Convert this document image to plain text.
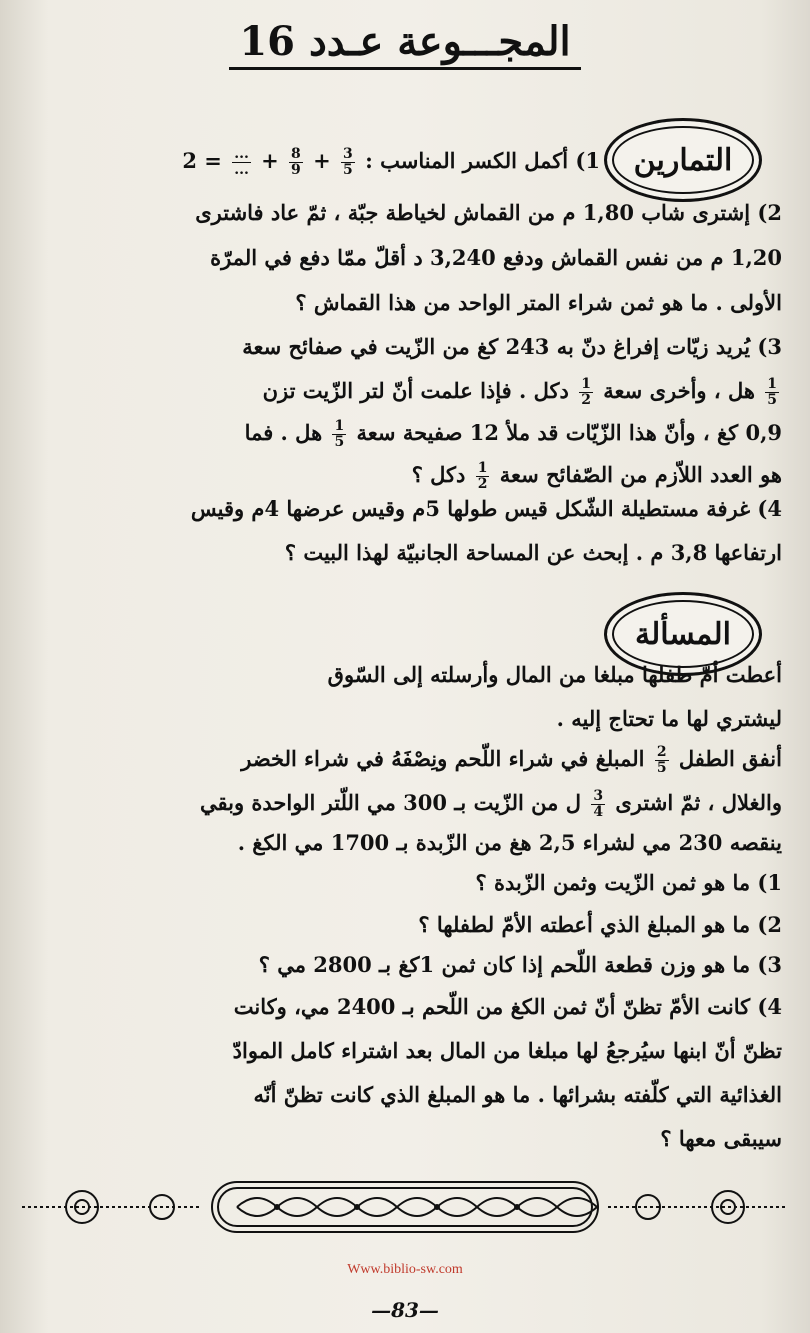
المجـــوعة عـدد 16
التمارين
1) أكمل الكسر المناسب :
$\frac{3}{5}$
+
$\frac{8}{9}$
+
$\frac{...}{...}$
= 2
2) إشترى شاب 1,80 م من القماش لخياطة جبّة ، ثمّ عاد فاشترى
1,20 م من نفس القماش ودفع 3,240 د أقلّ ممّا دفع في المرّة
الأولى . ما هو ثمن شراء المتر الواحد من هذا القماش ؟
3) يُريد زيّات إفراغ دنّ به 243 كغ من الزّيت في صفائح سعة
$\frac{1}{5}$
هل ، وأخرى سعة
$\frac{1}{2}$
دكل . فإذا علمت أنّ لتر الزّيت تزن
0,9 كغ ، وأنّ هذا الزّيّات قد ملأ 12 صفيحة سعة
$\frac{1}{5}$
هل . فما
هو العدد اللاّزم من الصّفائح سعة
$\frac{1}{2}$
دكل ؟
4) غرفة مستطيلة الشّكل قيس طولها 5م وقيس عرضها 4م وقيس
ارتفاعها 3,8 م . إبحث عن المساحة الجانبيّة لهذا البيت ؟
المسألة
أعطت أمّ طفلها مبلغا من المال وأرسلته إلى السّوق
ليشتري لها ما تحتاج إليه .
أنفق الطفل
$\frac{2}{5}$
المبلغ في شراء اللّحم ونِصْفَهُ في شراء الخضر
والغلال ، ثمّ اشترى
$\frac{3}{4}$
ل من الزّيت بـ 300 مي اللّتر الواحدة وبقي
ينقصه 230 مي لشراء 2,5 هغ من الزّبدة بـ 1700 مي الكغ .
1) ما هو ثمن الزّيت وثمن الزّبدة ؟
2) ما هو المبلغ الذي أعطته الأمّ لطفلها ؟
3) ما هو وزن قطعة اللّحم إذا كان ثمن 1كغ بـ 2800 مي ؟
4) كانت الأمّ تظنّ أنّ ثمن الكغ من اللّحم بـ 2400 مي، وكانت
تظنّ أنّ ابنها سيُرجعُ لها مبلغا من المال بعد اشتراء كامل الموادّ
الغذائية التي كلّفته بشرائها . ما هو المبلغ الذي كانت تظنّ أنّه
سيبقى معها ؟
Www.biblio-sw.com
—83—
